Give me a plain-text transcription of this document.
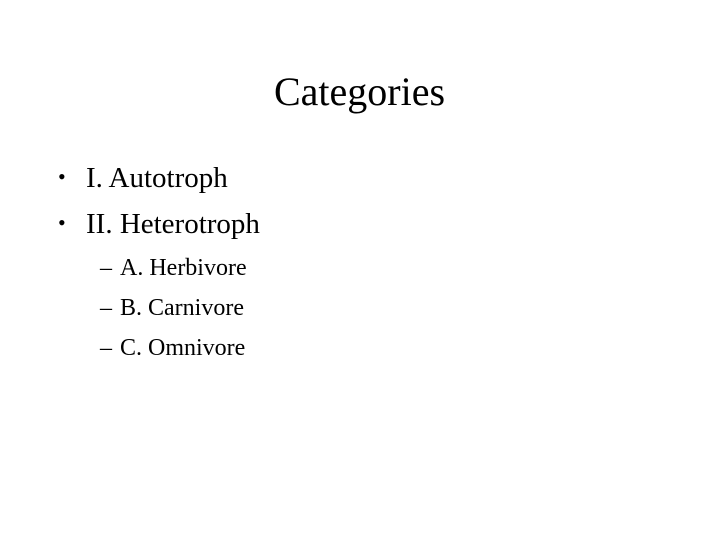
Categories
• I. Autotroph
• II. Heterotroph
– A. Herbivore
– B. Carnivore
– C. Omnivore
